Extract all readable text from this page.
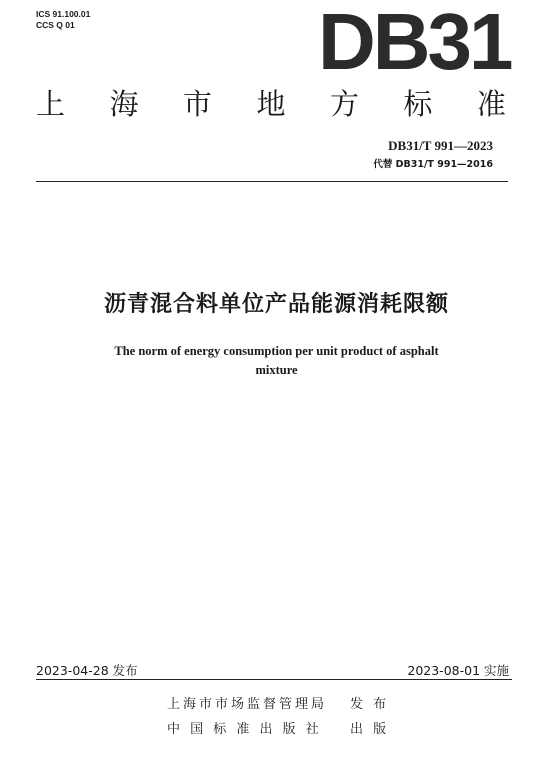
ICS 91.100.01
CCS Q 01	DB31
上 海 市 地 方 标 准
DB31/T 991—2023
代替 DB31/T 991—2016
沥青混合料单位产品能源消耗限额
The norm of energy consumption per unit product of asphalt
mixture
2023-04-28 发布	2023-08-01 实施
上海市市场监督管理局 发 布
中 国 标 准 出 版 社 出 版
